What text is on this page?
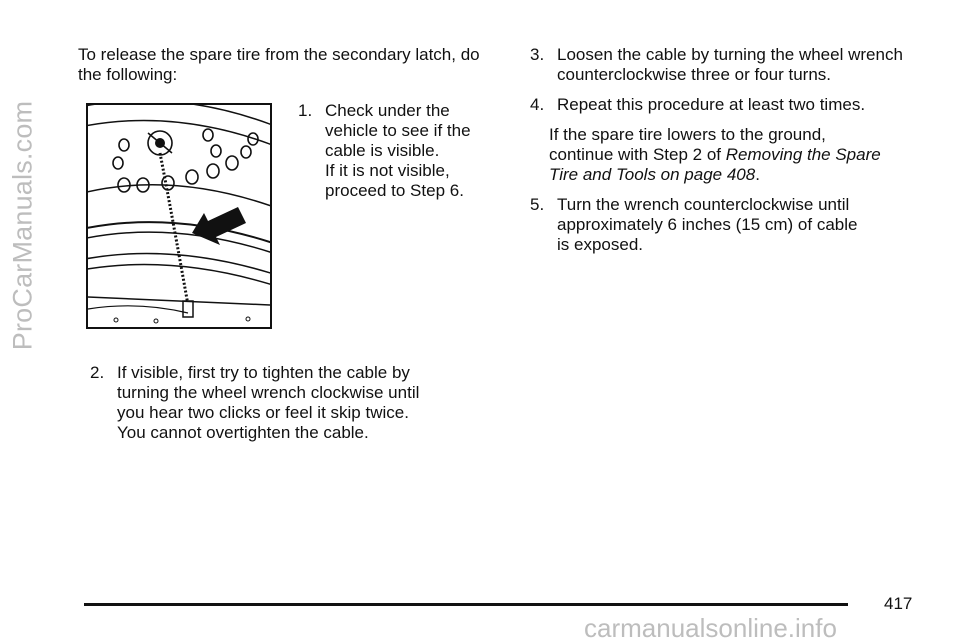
ProCarManuals.com

To release the spare tire from the secondary latch, do the following:

1. Check under the
vehicle to see if the
cable is visible.
If it is not visible,
proceed to Step 6.
2. If visible, first try to tighten the cable by
turning the wheel wrench clockwise until
you hear two clicks or feel it skip twice.
You cannot overtighten the cable.
3. Loosen the cable by turning the wheel wrench
counterclockwise three or four turns.
4. Repeat this procedure at least two times.
If the spare tire lowers to the ground,
continue with Step 2 of Removing the Spare
Tire and Tools on page 408.
5. Turn the wrench counterclockwise until
approximately 6 inches (15 cm) of cable
is exposed.
417
carmanualsonline.info
